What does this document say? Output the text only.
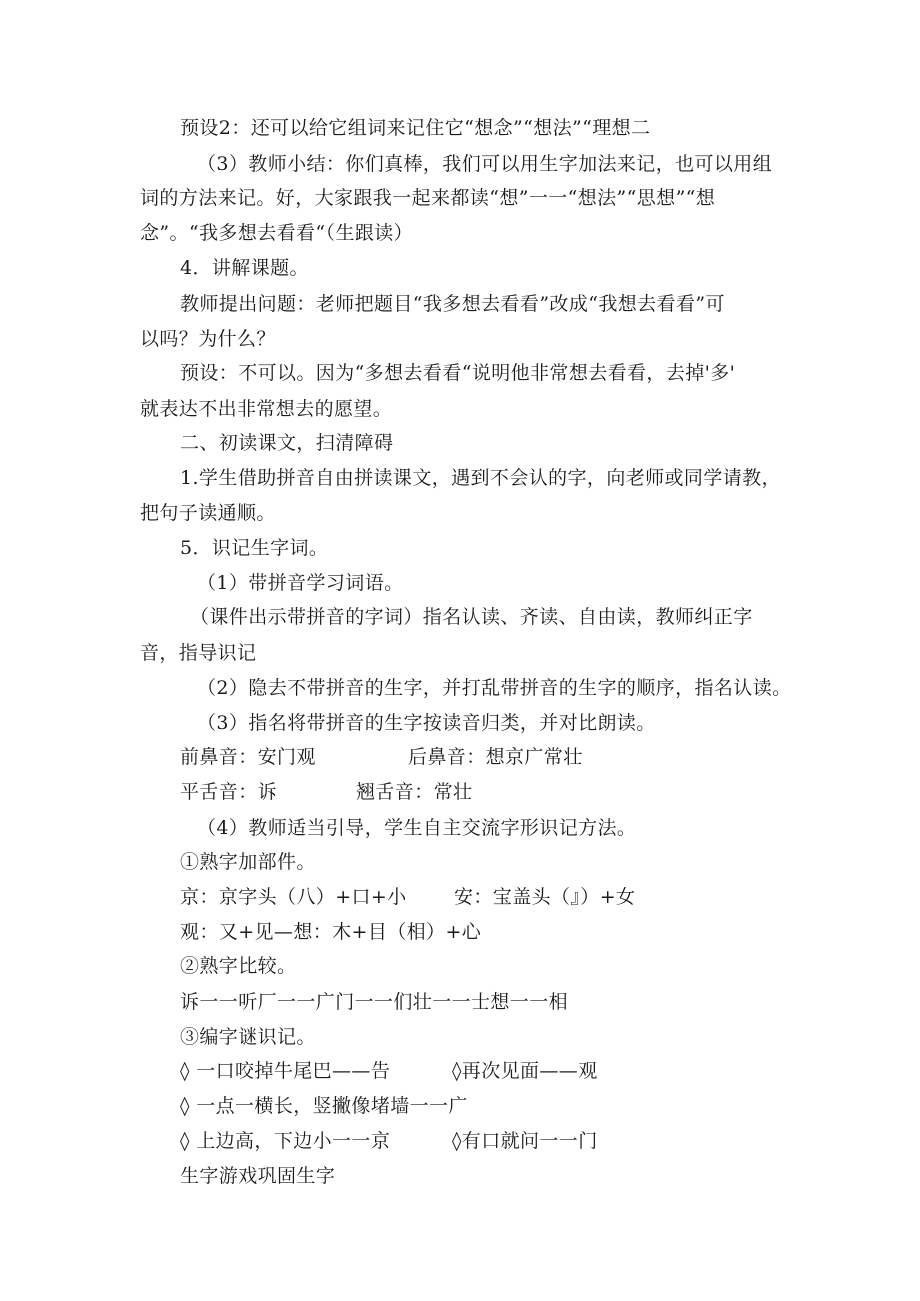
预设2：还可以给它组词来记住它“想念”“想法”“理想二
（3）教师小结：你们真棒，我们可以用生字加法来记，也可以用组
词的方法来记。好，大家跟我一起来都读“想”一一“想法”“思想”“想
念”。“我多想去看看“（生跟读）
4．讲解课题。
教师提出问题：老师把题目“我多想去看看”改成“我想去看看”可
以吗？为什么？
预设：不可以。因为“多想去看看“说明他非常想去看看，去掉'多'
就表达不出非常想去的愿望。
二、初读课文，扫清障碍
1.学生借助拼音自由拼读课文，遇到不会认的字，向老师或同学请教，
把句子读通顺。
5．识记生字词。
（1）带拼音学习词语。
（课件出示带拼音的字词）指名认读、齐读、自由读，教师纠正字
音，指导识记
（2）隐去不带拼音的生字，并打乱带拼音的生字的顺序，指名认读。
（3）指名将带拼音的生字按读音归类，并对比朗读。
前鼻音：安门观	后鼻音：想京广常壮
平舌音：诉	翘舌音：常壮
（4）教师适当引导，学生自主交流字形识记方法。
①熟字加部件。
京：京字头（八）+口+小 安：宝盖头（』）+女
观：又+见—想：木+目（相）+心
②熟字比较。
诉一一听厂一一广门一一们壮一一士想一一相
③编字谜识记。
◊ 一口咬掉牛尾巴——告	◊再次见面——观
◊ 一点一横长，竖撇像堵墙一一广
◊ 上边高，下边小一一京	◊有口就问一一门
生字游戏巩固生字
